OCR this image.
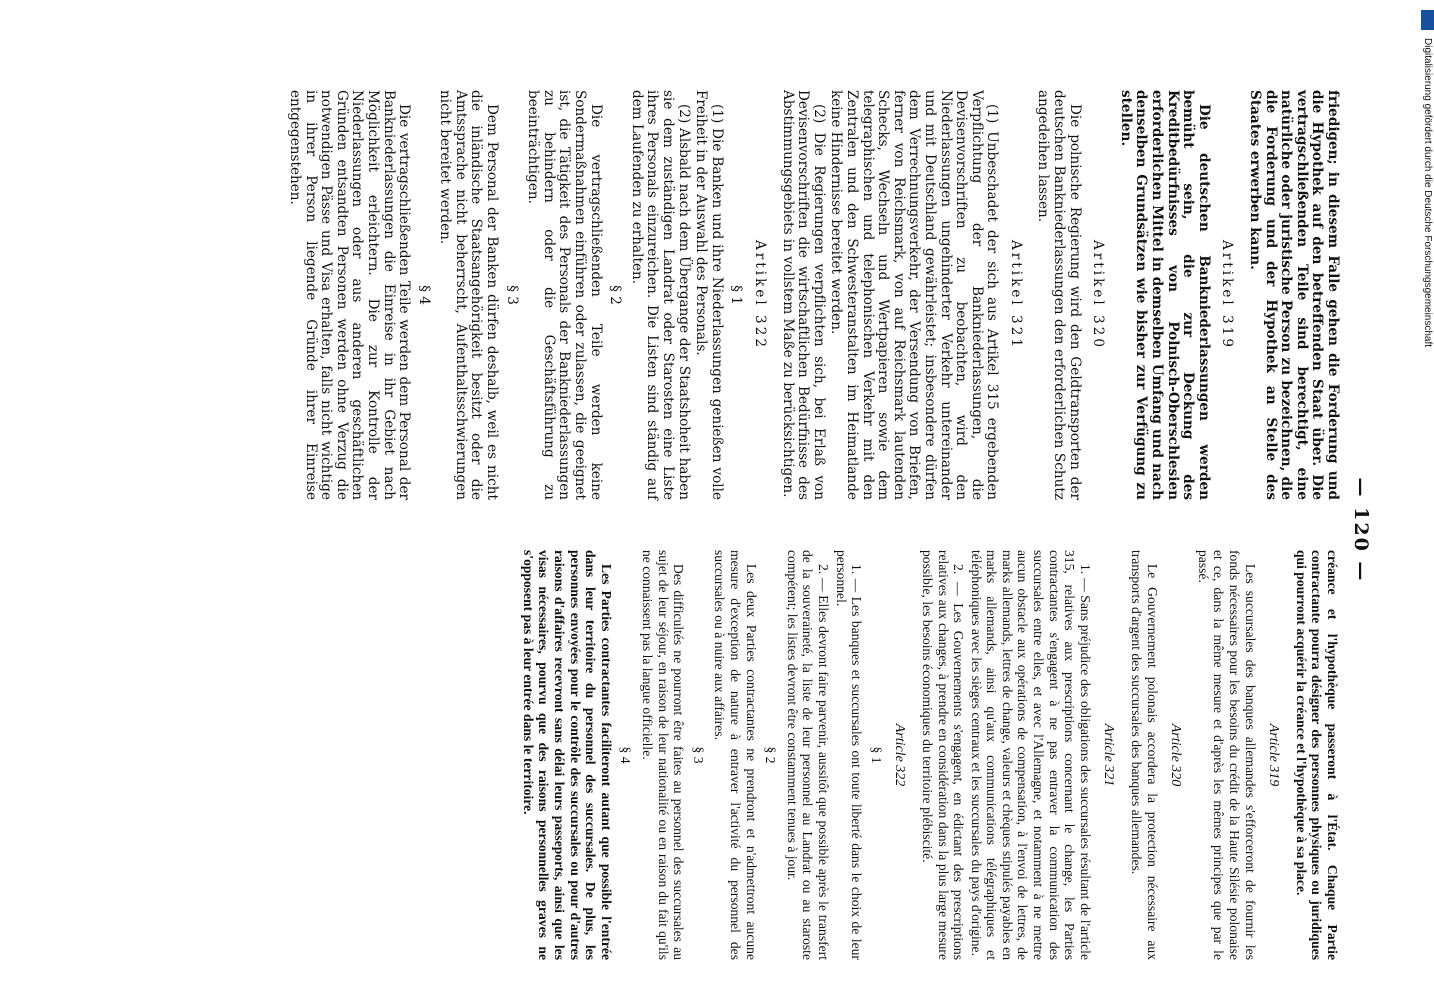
— 120 —

friedigen; in diesem Falle gehen die Forderung und die Hypothek auf den betreffenden Staat über. Die vertragschließenden Teile sind berechtigt, eine natürliche oder juristische Person zu bezeichnen, die die Forderung und der Hypothek an Stelle des Staates erwerben kann.

Artikel 319

Die deutschen Bankniederlassungen werden bemüht sein, die zur Deckung des Kreditbedürfnisses von Polnisch-Oberschlesien erforderlichen Mittel in demselben Umfang und nach denselben Grundsätzen wie bisher zur Verfügung zu stellen.

Artikel 320

Die polnische Regierung wird den Geldtransporten der deutschen Bankniederlassungen den erforderlichen Schutz angedeihen lassen.

Artikel 321

(1) Unbeschadet der sich aus Artikel 315 ergebenden Verpflichtung der Bankniederlassungen, die Devisenvorschriften zu beobachten, wird den Niederlassungen ungehinderter Verkehr untereinander und mit Deutschland gewährleistet; insbesondere dürfen dem Verrechnungsverkehr, der Versendung von Briefen, ferner von Reichsmark, von auf Reichsmark lautenden Schecks, Wechseln und Wertpapieren sowie dem telegraphischen und telephonischen Verkehr mit den Zentralen und den Schwesteranstalten im Heimatlande keine Hindernisse bereitet werden.

(2) Die Regierungen verpflichten sich, bei Erlaß von Devisenvorschriften die wirtschaftlichen Bedürfnisse des Abstimmungsgebiets in vollstem Maße zu berücksichtigen.

Artikel 322
§ 1

(1) Die Banken und ihre Niederlassungen genießen volle Freiheit in der Auswahl des Personals.

(2) Alsbald nach dem Übergange der Staatshoheit haben sie dem zuständigen Landrat oder Starosten eine Liste ihres Personals einzureichen. Die Listen sind ständig auf dem Laufenden zu erhalten.

§ 2

Die vertragschließenden Teile werden keine Sondermaßnahmen einführen oder zulassen, die geeignet ist, die Tätigkeit des Personals der Bankniederlassungen zu behindern oder die Geschäftsführung zu beeinträchtigen.

§ 3

Dem Personal der Banken dürfen deshalb, weil es nicht die inländische Staatsangehörigkeit besitzt oder die Amtssprache nicht beherrscht, Aufenthaltsschwierungen nicht bereitet werden.

§ 4

Die vertragschließenden Teile werden dem Personal der Bankniederlassungen die Einreise in ihr Gebiet nach Möglichkeit erleichtern. Die zur Kontrolle der Niederlassungen oder aus anderen geschäftlichen Gründen entsandten Personen werden ohne Verzug die notwendigen Pässe und Visa erhalten, falls nicht wichtige in ihrer Person liegende Gründe ihrer Einreise entgegenstehen.

créance et l'hypothèque passeront à l'État. Chaque Partie contractante pourra désigner des personnes physiques ou juridiques qui pourront acquérir la créance et l'hypothèque à sa place.

Article 319

Les succursales des banques allemandes s'efforceront de fournir les fonds nécessaires pour les besoins du crédit de la Haute Silésie polonaise et ce, dans la même mesure et d'après les mêmes principes que par le passé.

Article 320

Le Gouvernement polonais accordera la protection nécessaire aux transports d'argent des succursales des banques allemandes.

Article 321

1. — Sans préjudice des obligations des succursales résultant de l'article 315, relatives aux prescriptions concernant le change, les Parties contractantes s'engagent à ne pas entraver la communication des succursales entre elles, et avec l'Allemagne, et notamment à ne mettre aucun obstacle aux opérations de compensation, à l'envoi de lettres, de marks allemands, lettres de change, valeurs et chèques stipulés payables en marks allemands, ainsi qu'aux communications télégraphiques et téléphoniques avec les sièges centraux et les succursales du pays d'origine.

2. — Les Gouvernements s'engagent, en édictant des prescriptions relatives aux changes, à prendre en considération dans la plus large mesure possible, les besoins économiques du territoire plébiscité.

Article 322
§ 1

1. — Les banques et succursales ont toute liberté dans le choix de leur personnel.

2. — Elles devront faire parvenir, aussitôt que possible après le transfert de la souveraineté, la liste de leur personnel au Landrat ou au staroste compétent; les listes devront être constamment tenues à jour.

§ 2

Les deux Parties contractantes ne prendront et n'admettront aucune mesure d'exception de nature à entraver l'activité du personnel des succursales ou à nuire aux affaires.

§ 3

Des difficultés ne pourront être faites au personnel des succursales au sujet de leur séjour, en raison de leur nationalité ou en raison du fait qu'ils ne connaissent pas la langue officielle.

§ 4

Les Parties contractantes faciliteront autant que possible l'entrée dans leur territoire du personnel des succursales. De plus, les personnes envoyées pour le contrôle des succursales ou pour d'autres raisons d'affaires recevront sans délai leurs passeports, ainsi que les visas nécessaires, pourvu que des raisons personnelles graves ne s'opposent pas à leur entrée dans le territoire.

Digitalisierung gefördert durch die Deutsche Forschungsgemeinschaft
